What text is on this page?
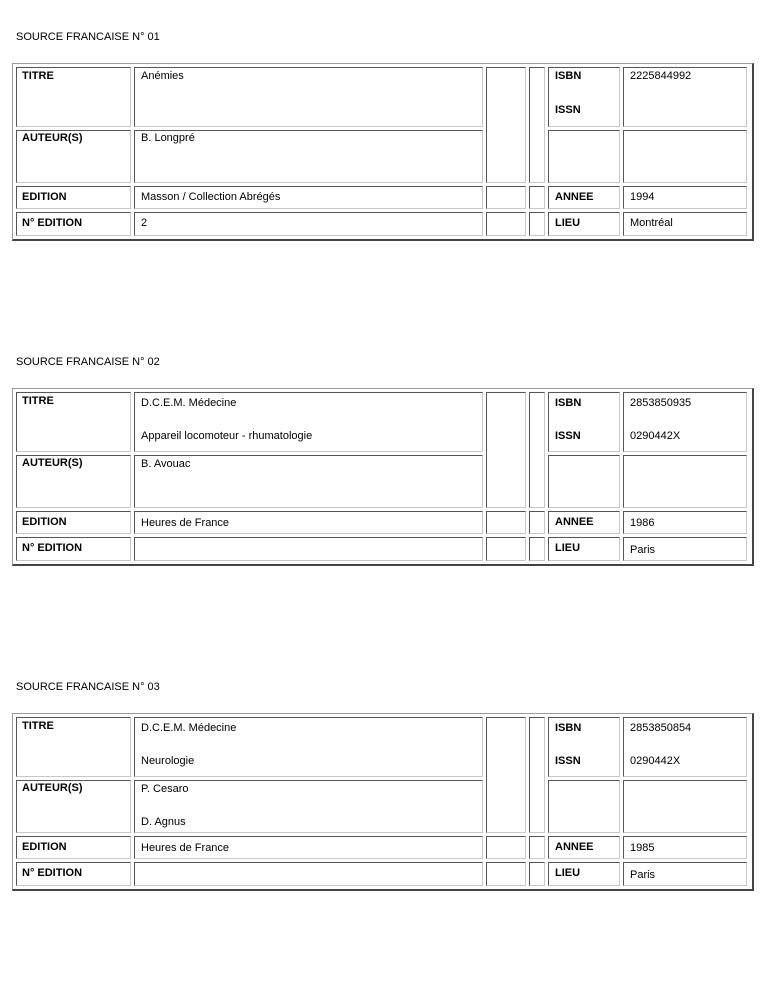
SOURCE FRANCAISE N° 01
TITRE	Anémies	ISBN	2225844992
ISSN
AUTEUR(S)	B. Longpré
EDITION	Masson / Collection Abrégés	ANNEE	1994
N° EDITION	2	LIEU	Montréal
SOURCE FRANCAISE N° 02
TITRE	D.C.E.M. Médecine
Appareil locomoteur - rhumatologie
ISBN	2853850935
ISSN	0290442X
AUTEUR(S)	B. Avouac
EDITION	Heures de France	ANNEE	1986
N° EDITION	LIEU	Paris
SOURCE FRANCAISE N° 03
TITRE	D.C.E.M. Médecine
Neurologie
ISBN	2853850854
ISSN	0290442X
AUTEUR(S)	P. Cesaro
D. Agnus
EDITION	Heures de France	ANNEE	1985
N° EDITION	LIEU	Paris
